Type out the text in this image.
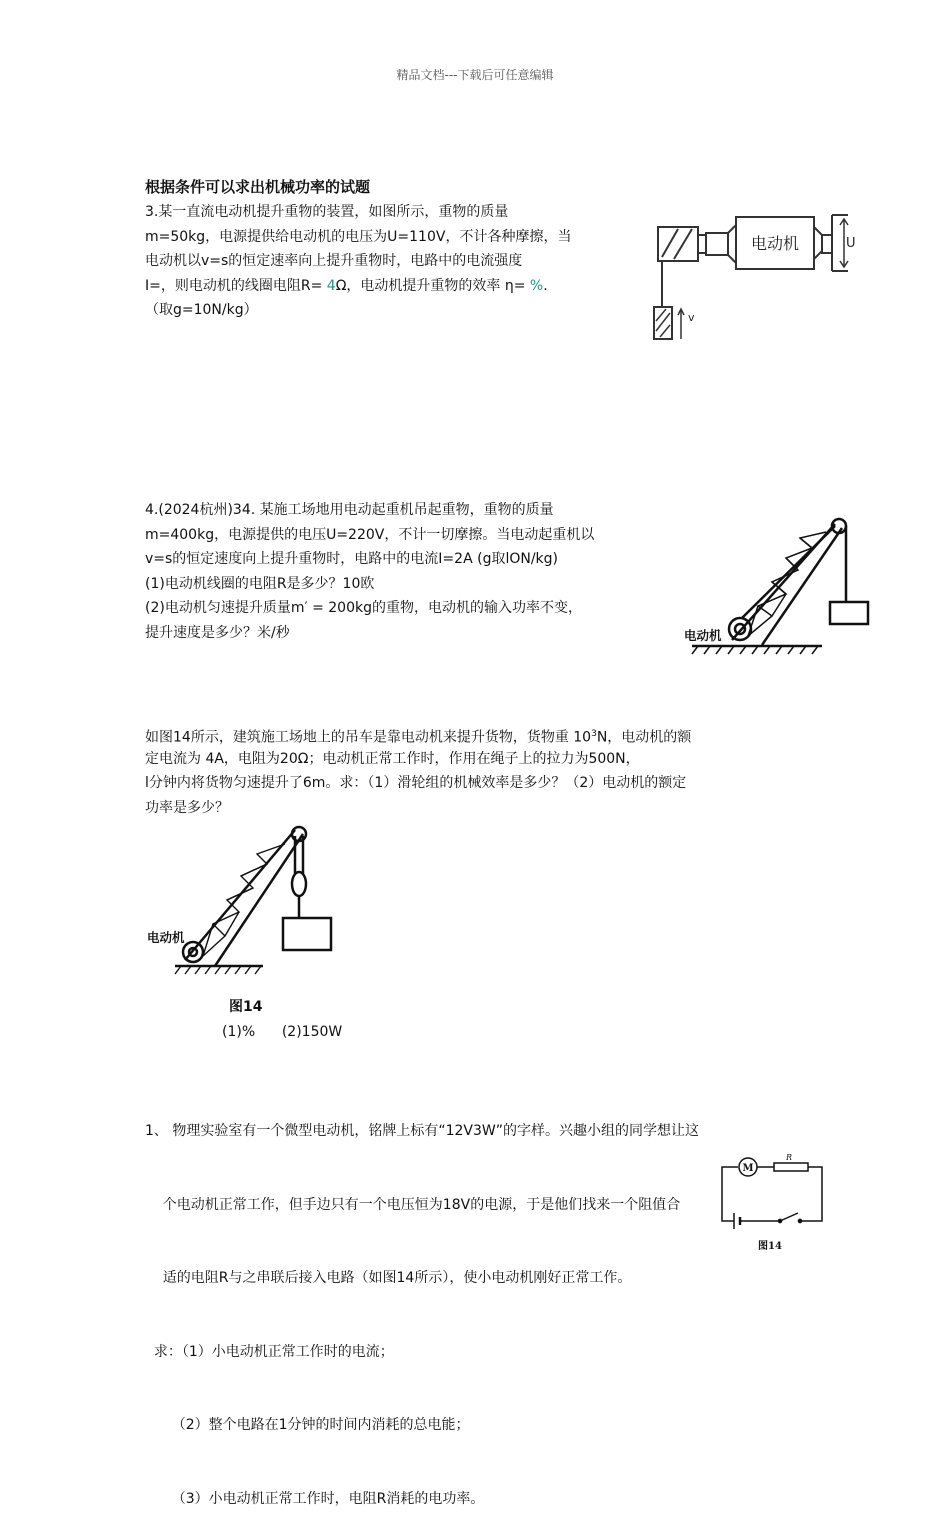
精品文档---下载后可任意编辑
根据条件可以求出机械功率的试题
3.某一直流电动机提升重物的装置，如图所示，重物的质量
m=50kg，电源提供给电动机的电压为U=110V，不计各种摩擦，当
电动机以v=s的恒定速率向上提升重物时，电路中的电流强度
I=，则电动机的线圈电阻R= 4Ω，电动机提升重物的效率 η= %.
（取g=10N/kg）
电动机	U
v
4.(2024杭州)34. 某施工场地用电动起重机吊起重物，重物的质量
m=400kg，电源提供的电压U=220V，不计一切摩擦。当电动起重机以
v=s的恒定速度向上提升重物时，电路中的电流I=2A (g取lON/kg)
(1)电动机线圈的电阻R是多少？10欧
(2)电动机匀速提升质量m′ = 200kg的重物，电动机的输入功率不变，
提升速度是多少？米/秒	电动机
如图14所示，建筑施工场地上的吊车是靠电动机来提升货物，货物重 $10^3N$，电动机的额
定电流为 4A，电阻为20Ω；电动机正常工作时，作用在绳子上的拉力为500N，
l分钟内将货物匀速提升了6m。求：（1）滑轮组的机械效率是多少？（2）电动机的额定
功率是多少？
电动机
图14
(1)%      (2)150W

1、 物理实验室有一个微型电动机，铭牌上标有“12V3W”的字样。兴趣小组的同学想让这

个电动机正常工作，但手边只有一个电压恒为18V的电源，于是他们找来一个阻值合

适的电阻R与之串联后接入电路（如图14所示），使小电动机刚好正常工作。

求：（1）小电动机正常工作时的电流；

（2）整个电路在1分钟的时间内消耗的总电能；

（3）小电动机正常工作时，电阻R消耗的电功率。

M
R
图14
